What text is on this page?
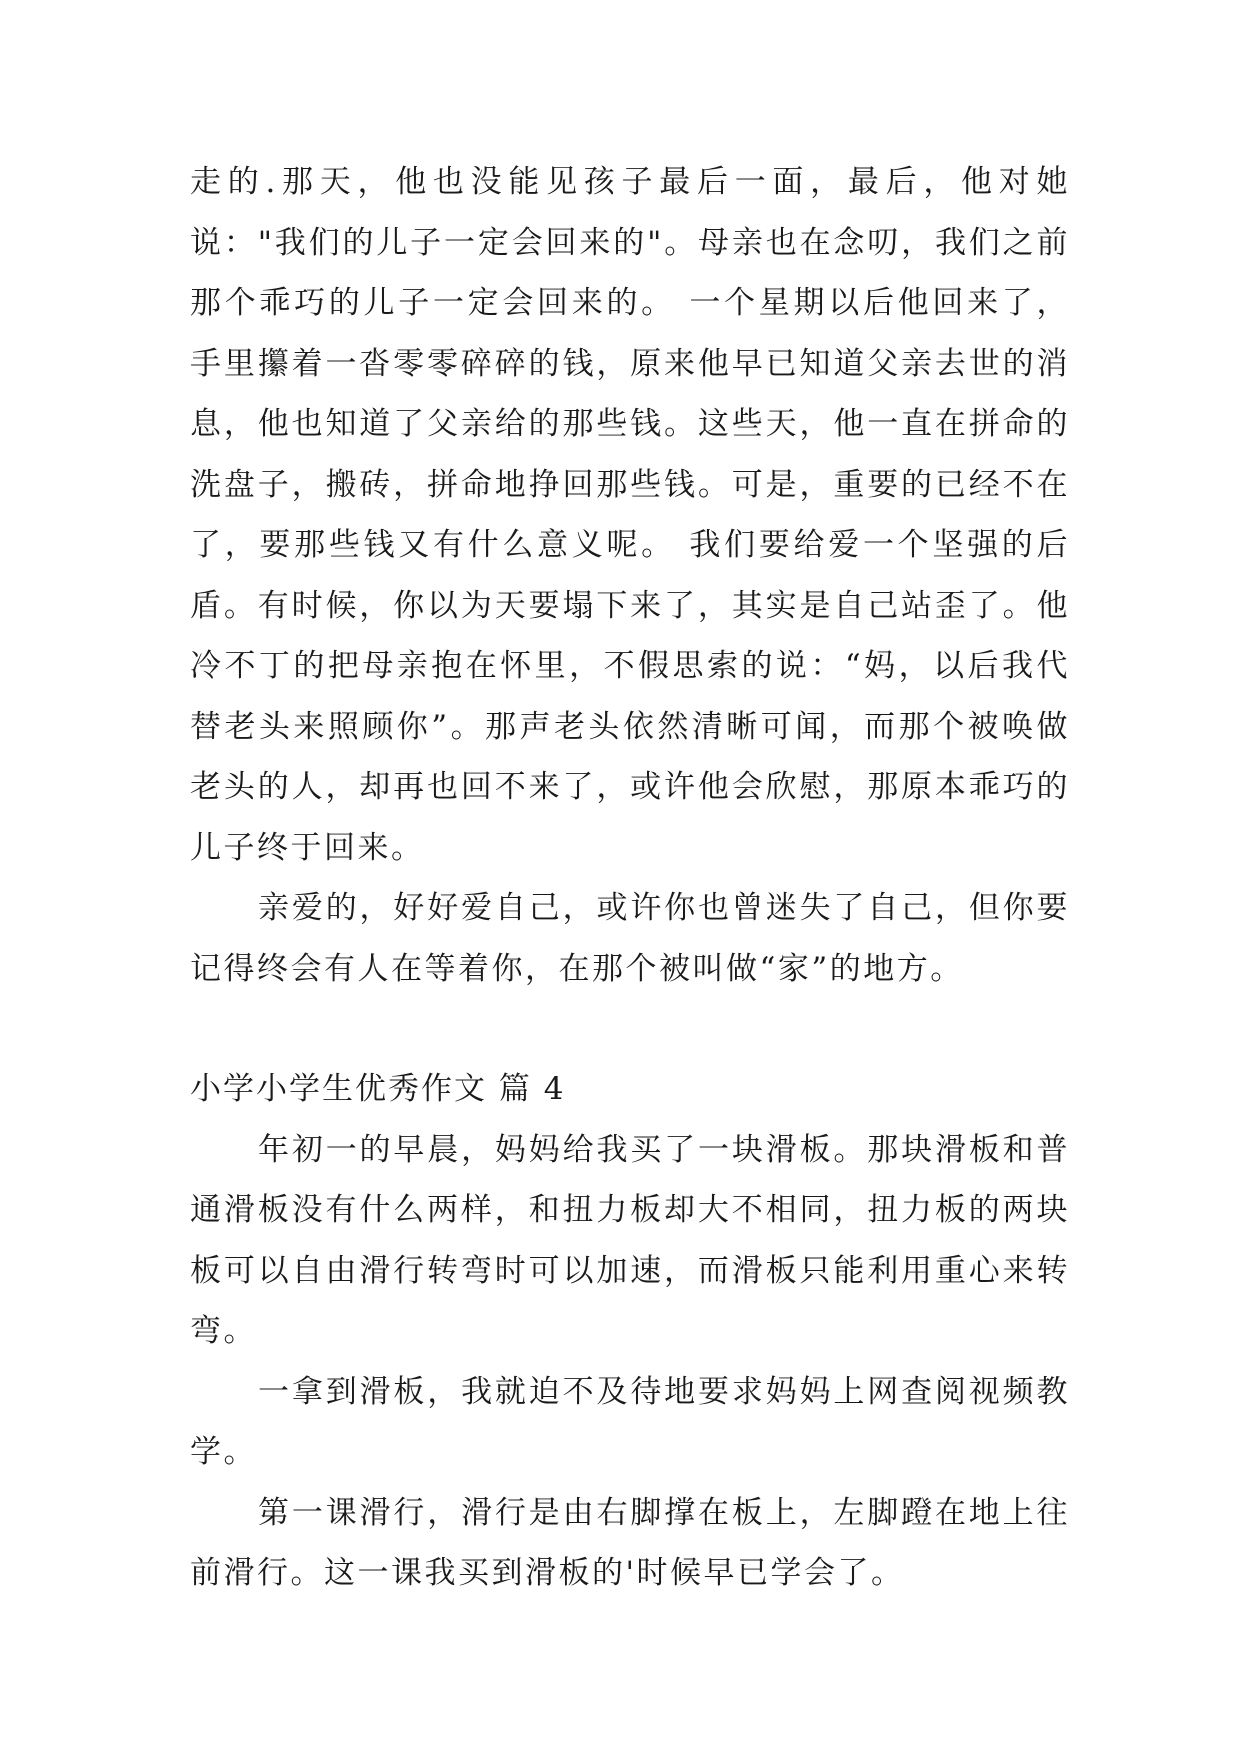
走的.那天，他也没能见孩子最后一面，最后，他对她说："我们的儿子一定会回来的"。母亲也在念叨，我们之前那个乖巧的儿子一定会回来的。 一个星期以后他回来了，手里攥着一沓零零碎碎的钱，原来他早已知道父亲去世的消息，他也知道了父亲给的那些钱。这些天，他一直在拼命的洗盘子，搬砖，拼命地挣回那些钱。可是，重要的已经不在了，要那些钱又有什么意义呢。 我们要给爱一个坚强的后盾。有时候，你以为天要塌下来了，其实是自己站歪了。他冷不丁的把母亲抱在怀里，不假思索的说：“妈，以后我代替老头来照顾你”。那声老头依然清晰可闻，而那个被唤做老头的人，却再也回不来了，或许他会欣慰，那原本乖巧的儿子终于回来。

亲爱的，好好爱自己，或许你也曾迷失了自己，但你要记得终会有人在等着你，在那个被叫做“家”的地方。

小学小学生优秀作文 篇 4

年初一的早晨，妈妈给我买了一块滑板。那块滑板和普通滑板没有什么两样，和扭力板却大不相同，扭力板的两块板可以自由滑行转弯时可以加速，而滑板只能利用重心来转弯。

一拿到滑板，我就迫不及待地要求妈妈上网查阅视频教学。

第一课滑行，滑行是由右脚撑在板上，左脚蹬在地上往前滑行。这一课我买到滑板的'时候早已学会了。
